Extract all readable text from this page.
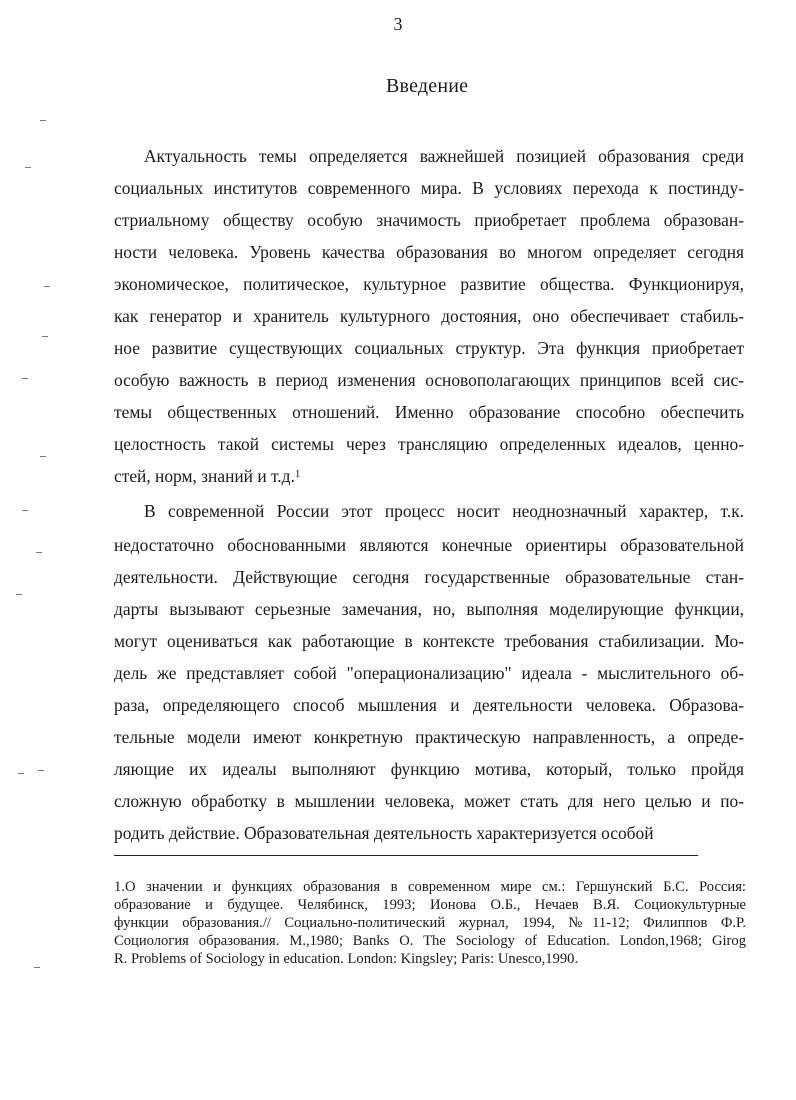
3
Введение
Актуальность темы определяется важнейшей позицией образования среди
социальных институтов современного мира. В условиях перехода к постинду-
стриальному обществу особую значимость приобретает проблема образован-
ности человека. Уровень качества образования во многом определяет сегодня
экономическое, политическое, культурное развитие общества. Функционируя,
как генератор и хранитель культурного достояния, оно обеспечивает стабиль-
ное развитие существующих социальных структур. Эта функция приобретает
особую важность в период изменения основополагающих принципов всей сис-
темы общественных отношений. Именно образование способно обеспечить
целостность такой системы через трансляцию определенных идеалов, ценно-
стей, норм, знаний и т.д.$^1$
В современной России этот процесс носит неоднозначный характер, т.к.
недостаточно обоснованными являются конечные ориентиры образовательной
деятельности. Действующие сегодня государственные образовательные стан-
дарты вызывают серьезные замечания, но, выполняя моделирующие функции,
могут оцениваться как работающие в контексте требования стабилизации. Мо-
дель же представляет собой "операционализацию" идеала - мыслительного об-
раза, определяющего способ мышления и деятельности человека. Образова-
тельные модели имеют конкретную практическую направленность, а опреде-
ляющие их идеалы выполняют функцию мотива, который, только пройдя
сложную обработку в мышлении человека, может стать для него целью и по-
родить действие. Образовательная деятельность характеризуется особой
1.О значении и функциях образования в современном мире см.: Гершунский Б.С. Россия:
образование и будущее. Челябинск, 1993; Ионова О.Б., Нечаев В.Я. Социокультурные
функции образования.// Социально-политический журнал, 1994, №11-12; Филиппов Ф.Р.
Социология образования. М.,1980; Banks O. The Sociology of Education. London,1968; Girog
R. Problems of Sociology in education. London: Kingsley; Paris: Unesco,1990.
